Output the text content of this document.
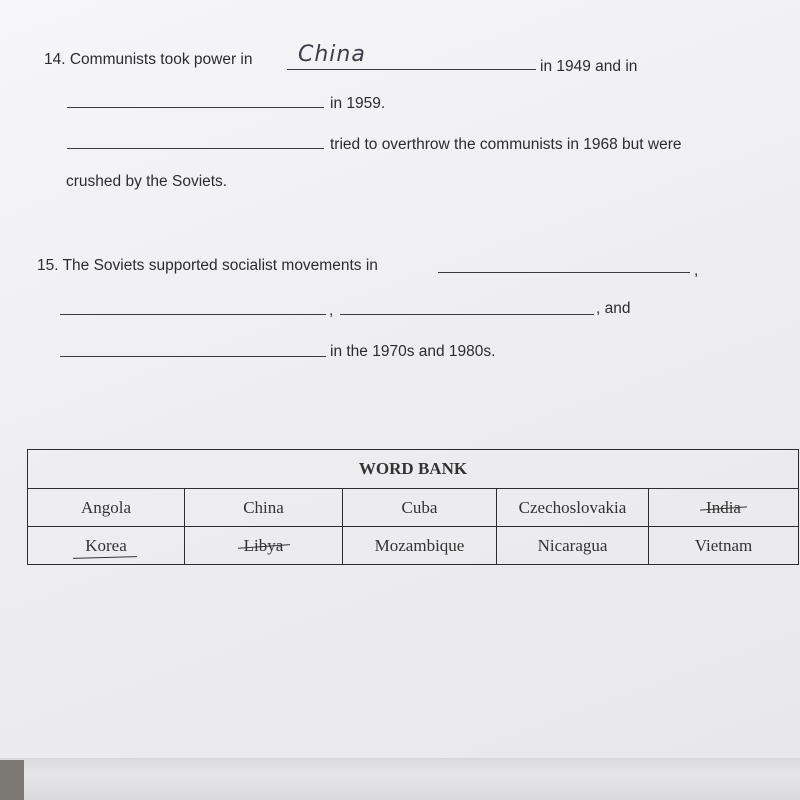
14. Communists took power in China	in 1949 and in
in 1959.
tried to overthrow the communists in 1968 but were
crushed by the Soviets.
15. The Soviets supported socialist movements in	,
,	, and
in the 1970s and 1980s.
WORD BANK				
Angola	China	Cuba	Czechoslovakia	India
Korea	Libya	Mozambique	Nicaragua	Vietnam
